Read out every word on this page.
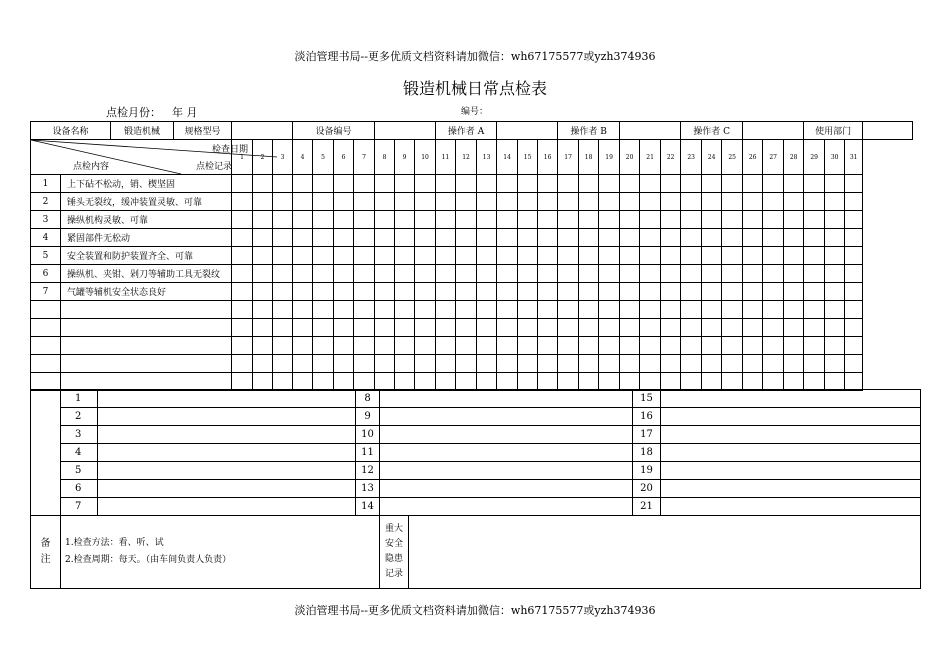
淡泊管理书局--更多优质文档资料请加微信：wh67175577或yzh374936
锻造机械日常点检表
点检月份： 年 月	编号：
设备名称		锻造机械	规格型号				设备编号							操作者 A						操作者 B						操作者 C						使用部门			

检查日期
点检内容 点检记录				1	2	3	4	5	6	7	8	9	10	11	12	13	14	15	16	17	18	19	20	21	22	23	24	25	26	27	28	29	30	31	
1	上下砧不松动，销、楔坚固																																		
2	锤头无裂纹，缓冲装置灵敏、可靠																																		
3	操纵机构灵敏、可靠																																		
4	紧固部件无松动																																		
5	安全装置和防护装置齐全、可靠																																		
6	操纵机、夹钳、剁刀等辅助工具无裂纹																																		
7	气罐等辅机安全状态良好																																		

	1		8		15	
2		9		16	
3		10		17	
4		11		18	
5		12		19	
6		13		20	
7		14		21	
备
注	
1.检查方法：看、听、试
2.检查周期：每天。（由车间负责人负责）

重大
安全
隐患
记录	
淡泊管理书局--更多优质文档资料请加微信：wh67175577或yzh374936
